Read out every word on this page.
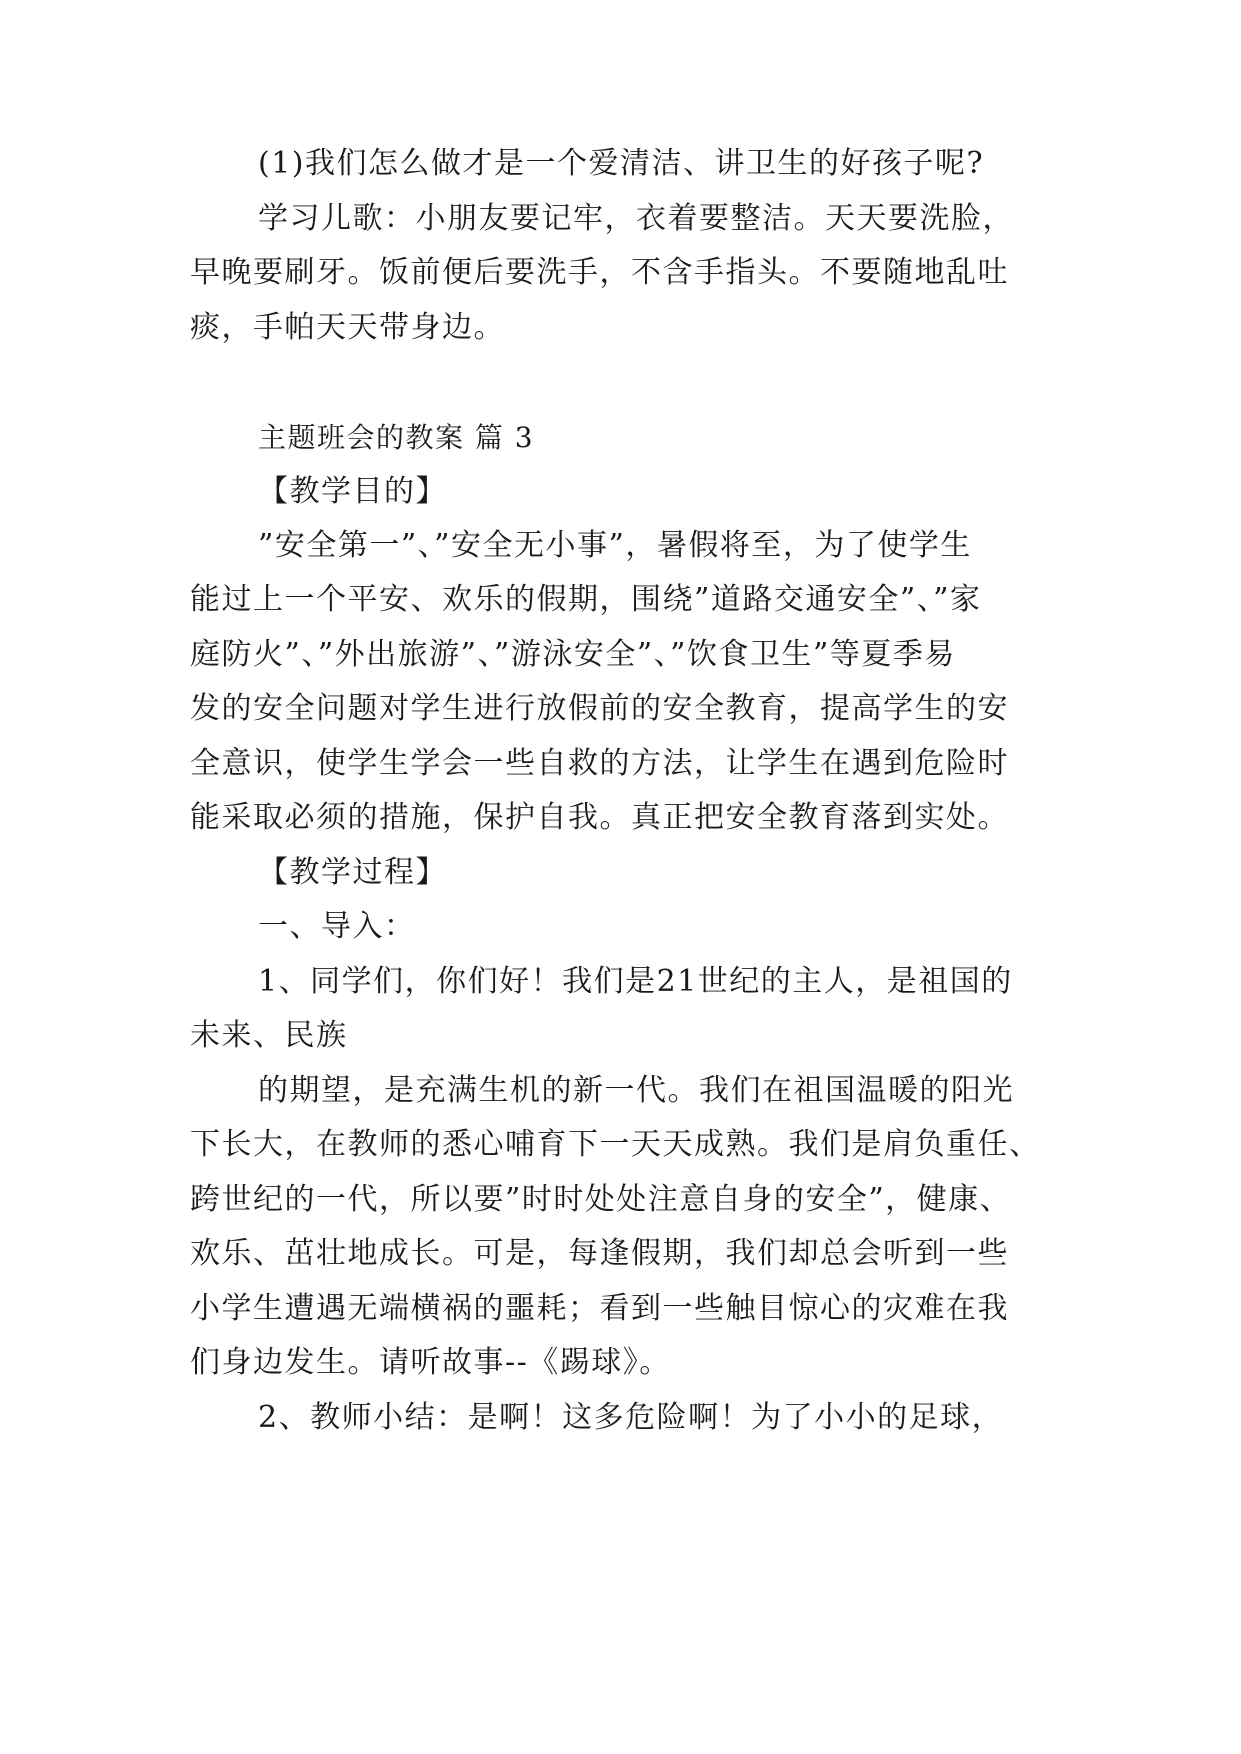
(1)我们怎么做才是一个爱清洁、讲卫生的好孩子呢?
学习儿歌：小朋友要记牢，衣着要整洁。天天要洗脸，
早晚要刷牙。饭前便后要洗手，不含手指头。不要随地乱吐
痰，手帕天天带身边。
主题班会的教案 篇 3
【教学目的】
”安全第一”、”安全无小事”，暑假将至，为了使学生
能过上一个平安、欢乐的假期，围绕”道路交通安全”、”家
庭防火”、”外出旅游”、”游泳安全”、”饮食卫生”等夏季易
发的安全问题对学生进行放假前的安全教育，提高学生的安
全意识，使学生学会一些自救的方法，让学生在遇到危险时
能采取必须的措施，保护自我。真正把安全教育落到实处。
【教学过程】
一、导入：
1、同学们，你们好！我们是21世纪的主人，是祖国的
未来、民族
的期望，是充满生机的新一代。我们在祖国温暖的阳光
下长大，在教师的悉心哺育下一天天成熟。我们是肩负重任、
跨世纪的一代，所以要”时时处处注意自身的安全”，健康、
欢乐、茁壮地成长。可是，每逢假期，我们却总会听到一些
小学生遭遇无端横祸的噩耗；看到一些触目惊心的灾难在我
们身边发生。请听故事--《踢球》。
2、教师小结：是啊！这多危险啊！为了小小的足球，
